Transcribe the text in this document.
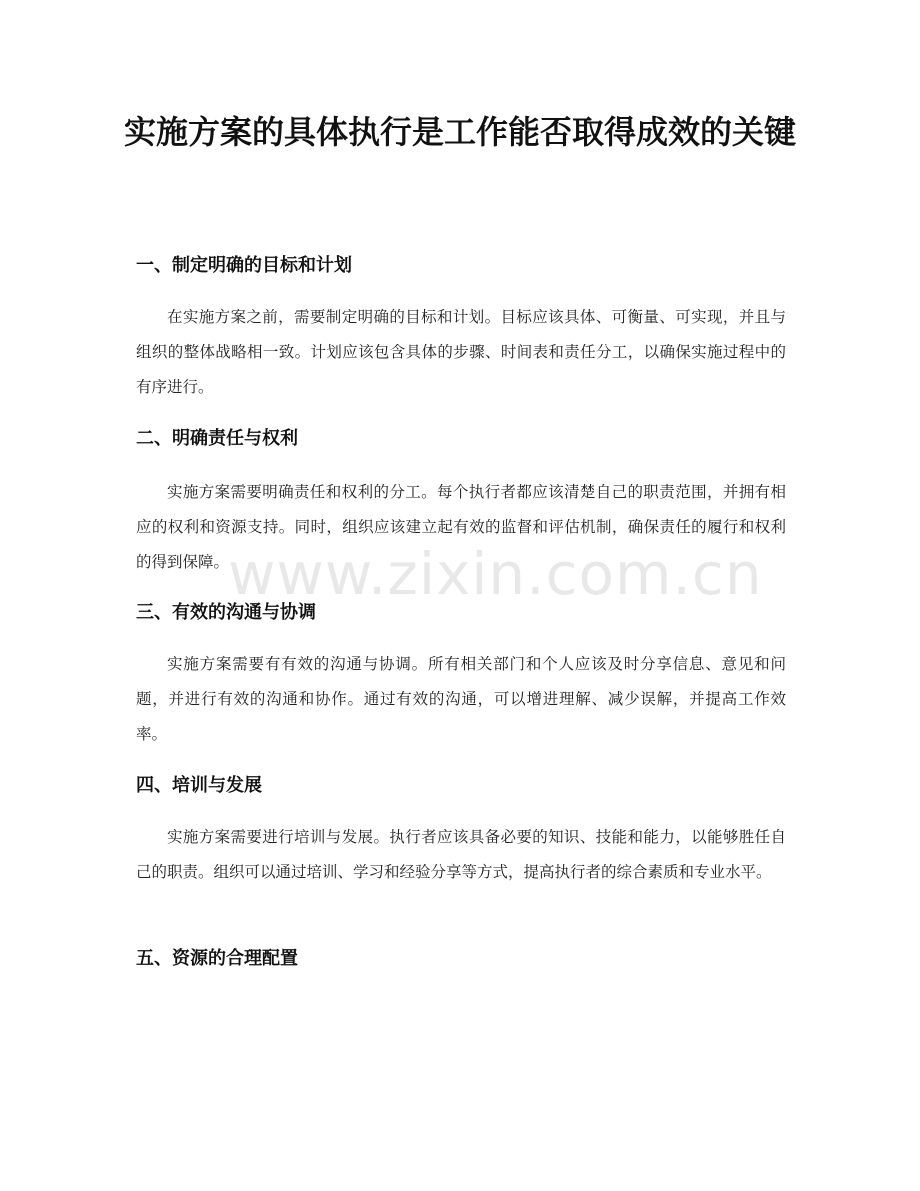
实施方案的具体执行是工作能否取得成效的关键
一、制定明确的目标和计划

在实施方案之前，需要制定明确的目标和计划。目标应该具体、可衡量、可实现，并且与组织的整体战略相一致。计划应该包含具体的步骤、时间表和责任分工，以确保实施过程中的有序进行。

二、明确责任与权利

实施方案需要明确责任和权利的分工。每个执行者都应该清楚自己的职责范围，并拥有相应的权利和资源支持。同时，组织应该建立起有效的监督和评估机制，确保责任的履行和权利的得到保障。

三、有效的沟通与协调

实施方案需要有有效的沟通与协调。所有相关部门和个人应该及时分享信息、意见和问题，并进行有效的沟通和协作。通过有效的沟通，可以增进理解、减少误解，并提高工作效率。

四、培训与发展

实施方案需要进行培训与发展。执行者应该具备必要的知识、技能和能力，以能够胜任自己的职责。组织可以通过培训、学习和经验分享等方式，提高执行者的综合素质和专业水平。

五、资源的合理配置
www.zixin.com.cn
